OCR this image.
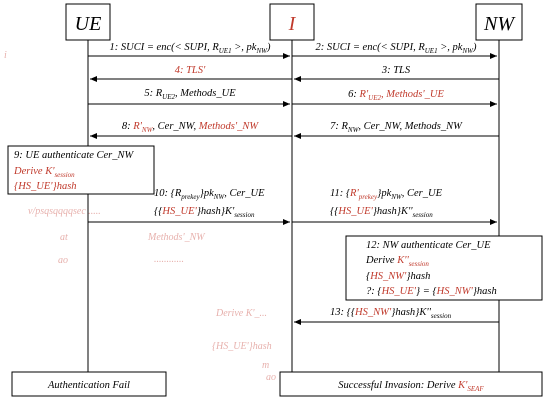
v/psqsqqqqsec .....
at
ao
Methods'_NW
............
Derive K'_...
{HS_UE'}hash
m
ao
i
UE	I	NW
1: SUCI = enc(< SUPI, $R_{UE1}$ >, $pk_{NW}$)	2: SUCI = enc(< SUPI, $R_{UE1}$ >, $pk_{NW}$)
4: TLS'	3: TLS
5: $R_{UE2}$, Methods_UE	6: $R'_{UE2}$, Methods'_UE
8: $R'_{NW}$, Cer_NW, Methods'_NW	7: $R_{NW}$, Cer_NW, Methods_NW
9: UE authenticate Cer_NW
Derive $K'_{session}$
{HS_UE'}hash
10: $\{R_{prekey}\}pk_{NW}$, Cer_UE
$\{\{HS\_UE'\}hash\}K'_{session}$
11: $\{R'_{prekey}\}pk_{NW}$, Cer_UE
$\{\{HS\_UE'\}hash\}K''_{session}$
12: NW authenticate Cer_UE
Derive $K''_{session}$
{HS_NW'}hash
?: {HS_UE'} = {HS_NW'}hash
13: $\{\{HS\_NW'\}hash\}K''_{session}$
Authentication Fail	Successful Invasion: Derive $K'_{SEAF}$
